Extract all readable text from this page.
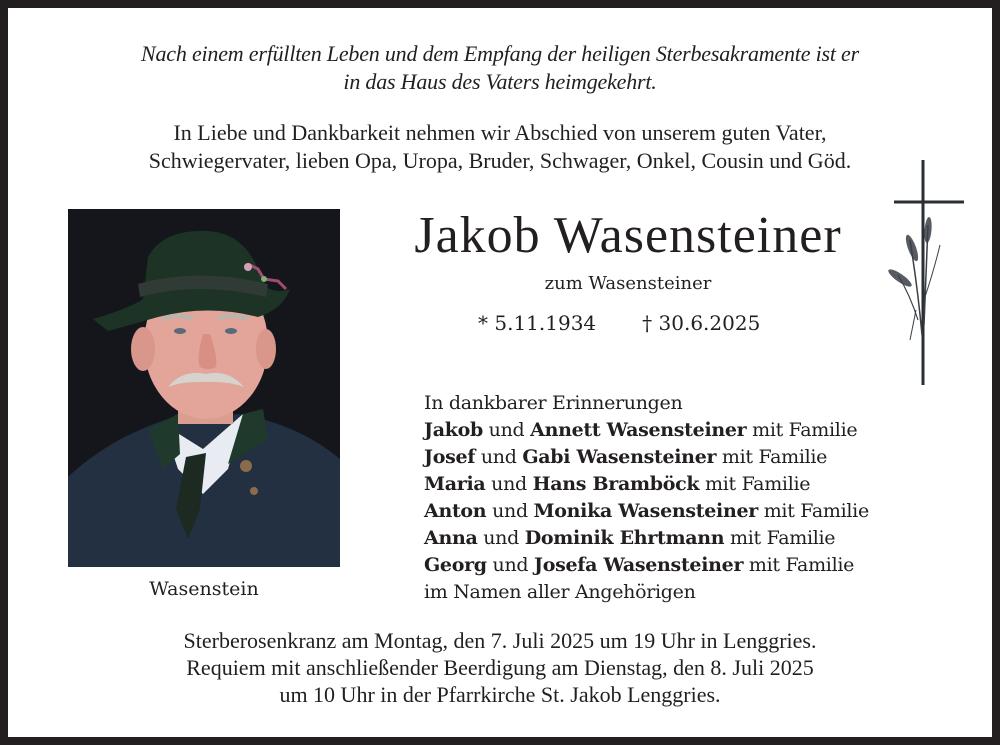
Nach einem erfüllten Leben und dem Empfang der heiligen Sterbesakramente ist er
in das Haus des Vaters heimgekehrt.
In Liebe und Dankbarkeit nehmen wir Abschied von unserem guten Vater,
Schwiegervater, lieben Opa, Uropa, Bruder, Schwager, Onkel, Cousin und Göd.
Wasenstein
Jakob Wasensteiner
zum Wasensteiner
* 5.11.1934 † 30.6.2025
In dankbarer Erinnerungen
Jakob und Annett Wasensteiner mit Familie
Josef und Gabi Wasensteiner mit Familie
Maria und Hans Bramböck mit Familie
Anton und Monika Wasensteiner mit Familie
Anna und Dominik Ehrtmann mit Familie
Georg und Josefa Wasensteiner mit Familie
im Namen aller Angehörigen
Sterberosenkranz am Montag, den 7. Juli 2025 um 19 Uhr in Lenggries.
Requiem mit anschließender Beerdigung am Dienstag, den 8. Juli 2025
um 10 Uhr in der Pfarrkirche St. Jakob Lenggries.
